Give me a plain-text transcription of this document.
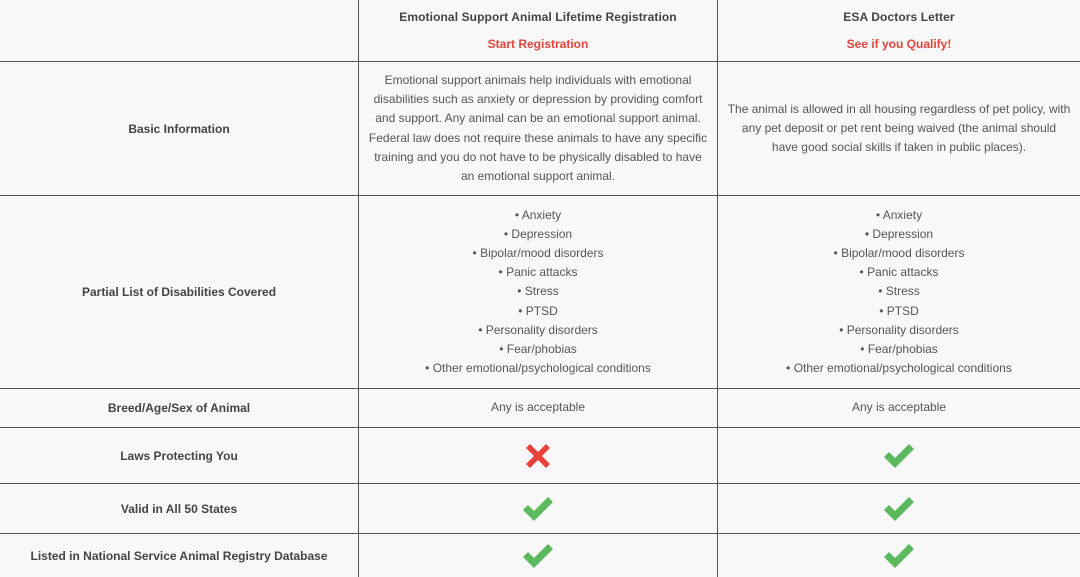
Emotional Support Animal Lifetime Registration
Start Registration
ESA Doctors Letter
See if you Qualify!
Basic Information
Emotional support animals help individuals with emotional
disabilities such as anxiety or depression by providing comfort
and support. Any animal can be an emotional support animal.
Federal law does not require these animals to have any specific
training and you do not have to be physically disabled to have
an emotional support animal.
The animal is allowed in all housing regardless of pet policy, with
any pet deposit or pet rent being waived (the animal should
have good social skills if taken in public places).
Partial List of Disabilities Covered
• Anxiety
• Depression
• Bipolar/mood disorders
• Panic attacks
• Stress
• PTSD
• Personality disorders
• Fear/phobias
• Other emotional/psychological conditions
• Anxiety
• Depression
• Bipolar/mood disorders
• Panic attacks
• Stress
• PTSD
• Personality disorders
• Fear/phobias
• Other emotional/psychological conditions
Breed/Age/Sex of Animal	Any is acceptable	Any is acceptable
Laws Protecting You
Valid in All 50 States
Listed in National Service Animal Registry Database
